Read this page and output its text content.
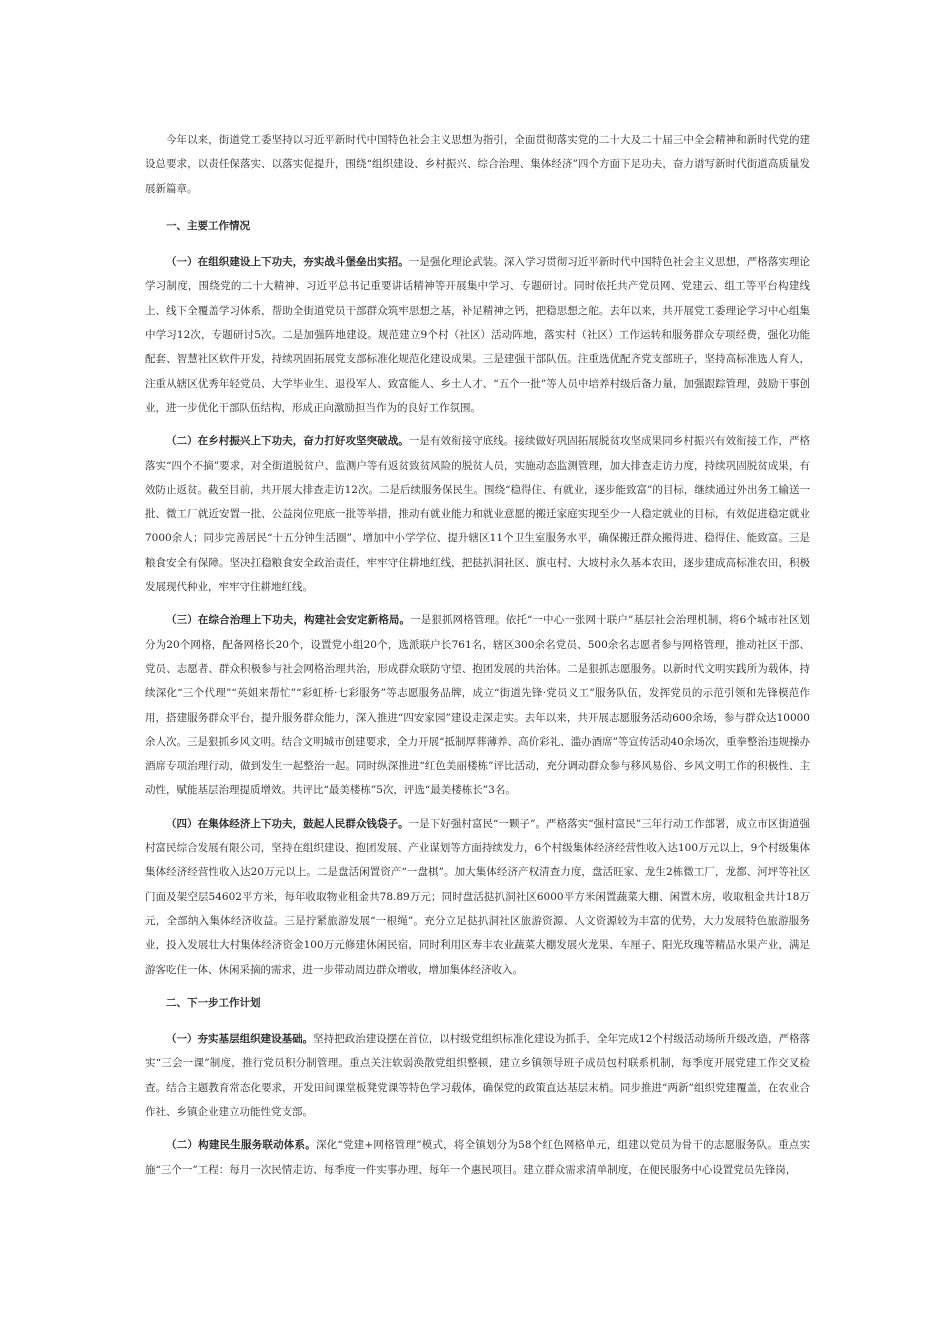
今年以来，街道党工委坚持以习近平新时代中国特色社会主义思想为指引，全面贯彻落实党的二十大及二十届三中全会精神和新时代党的建设总要求，以责任保落实、以落实促提升，围绕“组织建设、乡村振兴、综合治理、集体经济”四个方面下足功夫，奋力谱写新时代街道高质量发展新篇章。

一、主要工作情况

（一）在组织建设上下功夫，夯实战斗堡垒出实招。一是强化理论武装。深入学习贯彻习近平新时代中国特色社会主义思想，严格落实理论学习制度，围绕党的二十大精神、习近平总书记重要讲话精神等开展集中学习、专题研讨。同时依托共产党员网、党建云、组工等平台构建线上、线下全覆盖学习体系，帮助全街道党员干部群众筑牢思想之基，补足精神之钙，把稳思想之舵。去年以来，共开展党工委理论学习中心组集中学习12次，专题研讨5次。二是加强阵地建设。规范建立9个村（社区）活动阵地，落实村（社区）工作运转和服务群众专项经费，强化功能配套、智慧社区软件开发，持续巩固拓展党支部标准化规范化建设成果。三是建强干部队伍。注重选优配齐党支部班子，坚持高标准选人育人，注重从辖区优秀年轻党员、大学毕业生、退役军人、致富能人、乡土人才、“五个一批”等人员中培养村级后备力量，加强跟踪管理，鼓励干事创业，进一步优化干部队伍结构，形成正向激励担当作为的良好工作氛围。

（二）在乡村振兴上下功夫，奋力打好攻坚突破战。一是有效衔接守底线。接续做好巩固拓展脱贫攻坚成果同乡村振兴有效衔接工作，严格落实“四个不摘”要求，对全街道脱贫户、监测户等有返贫致贫风险的脱贫人员，实施动态监测管理，加大排查走访力度，持续巩固脱贫成果，有效防止返贫。截至目前，共开展大排查走访12次。二是后续服务保民生。围绕“稳得住、有就业，逐步能致富”的目标，继续通过外出务工输送一批、微工厂就近安置一批、公益岗位兜底一批等举措，推动有就业能力和就业意愿的搬迁家庭实现至少一人稳定就业的目标，有效促进稳定就业7000余人；同步完善居民“十五分钟生活圈”、增加中小学学位、提升辖区11个卫生室服务水平，确保搬迁群众搬得进、稳得住、能致富。三是粮食安全有保障。坚决扛稳粮食安全政治责任，牢牢守住耕地红线，把挞扒洞社区、旗屯村、大坡村永久基本农田，逐步建成高标准农田，积极发展现代种业，牢牢守住耕地红线。

（三）在综合治理上下功夫，构建社会安定新格局。一是狠抓网格管理。依托“一中心一张网十联户”基层社会治理机制，将6个城市社区划分为20个网格，配备网格长20个，设置党小组20个，选派联户长761名，辖区300余名党员、500余名志愿者参与网格管理，推动社区干部、党员、志愿者、群众积极参与社会网格治理共治，形成群众联防守望、抱团发展的共治体。二是狠抓志愿服务。以新时代文明实践所为载体，持续深化“三个代理”“英姐来帮忙”“彩虹桥·七彩服务”等志愿服务品牌，成立“街道先锋·党员义工”服务队伍，发挥党员的示范引领和先锋模范作用，搭建服务群众平台，提升服务群众能力，深入推进“四安家园”建设走深走实。去年以来，共开展志愿服务活动600余场，参与群众达10000余人次。三是狠抓乡风文明。结合文明城市创建要求，全力开展“抵制厚葬薄养、高价彩礼、滥办酒席”等宣传活动40余场次，重拳整治违规操办酒席专项治理行动，做到发生一起整治一起。同时纵深推进“红色美丽楼栋”评比活动，充分调动群众参与移风易俗、乡风文明工作的积极性、主动性，赋能基层治理提质增效。共评比“最美楼栋”5次，评选“最美楼栋长”3名。

（四）在集体经济上下功夫，鼓起人民群众钱袋子。一是下好强村富民“一颗子”。严格落实“强村富民”三年行动工作部署，成立市区街道强村富民综合发展有限公司，坚持在组织建设、抱团发展、产业谋划等方面持续发力，6个村级集体经济经营性收入达100万元以上，9个村级集体集体经济经营性收入达20万元以上。二是盘活闲置资产“一盘棋”。加大集体经济产权清查力度，盘活旺家、龙生2栋微工厂，龙都、河坪等社区门面及架空层54602平方米，每年收取物业租金共78.89万元；同时盘活挞扒洞社区6000平方米闲置蔬菜大棚、闲置木房，收取租金共计18万元，全部纳入集体经济收益。三是拧紧旅游发展“一根绳”。充分立足挞扒洞社区旅游资源、人文资源较为丰富的优势，大力发展特色旅游服务业，投入发展壮大村集体经济资金100万元修建休闲民宿，同时利用区寿丰农业蔬菜大棚发展火龙果、车厘子、阳光玫瑰等精品水果产业，满足游客吃住一体、休闲采摘的需求，进一步带动周边群众增收，增加集体经济收入。

二、下一步工作计划

（一）夯实基层组织建设基础。坚持把政治建设摆在首位，以村级党组织标准化建设为抓手，全年完成12个村级活动场所升级改造，严格落实“三会一课”制度，推行党员积分制管理。重点关注软弱涣散党组织整顿，建立乡镇领导班子成员包村联系机制，每季度开展党建工作交叉检查。结合主题教育常态化要求，开发田间课堂板凳党课等特色学习载体，确保党的政策直达基层末梢。同步推进“两新”组织党建覆盖，在农业合作社、乡镇企业建立功能性党支部。

（二）构建民生服务联动体系。深化“党建+网格管理”模式，将全镇划分为58个红色网格单元，组建以党员为骨干的志愿服务队。重点实施“三个一”工程：每月一次民情走访、每季度一件实事办理、每年一个惠民项目。建立群众需求清单制度，在便民服务中心设置党员先锋岗，
